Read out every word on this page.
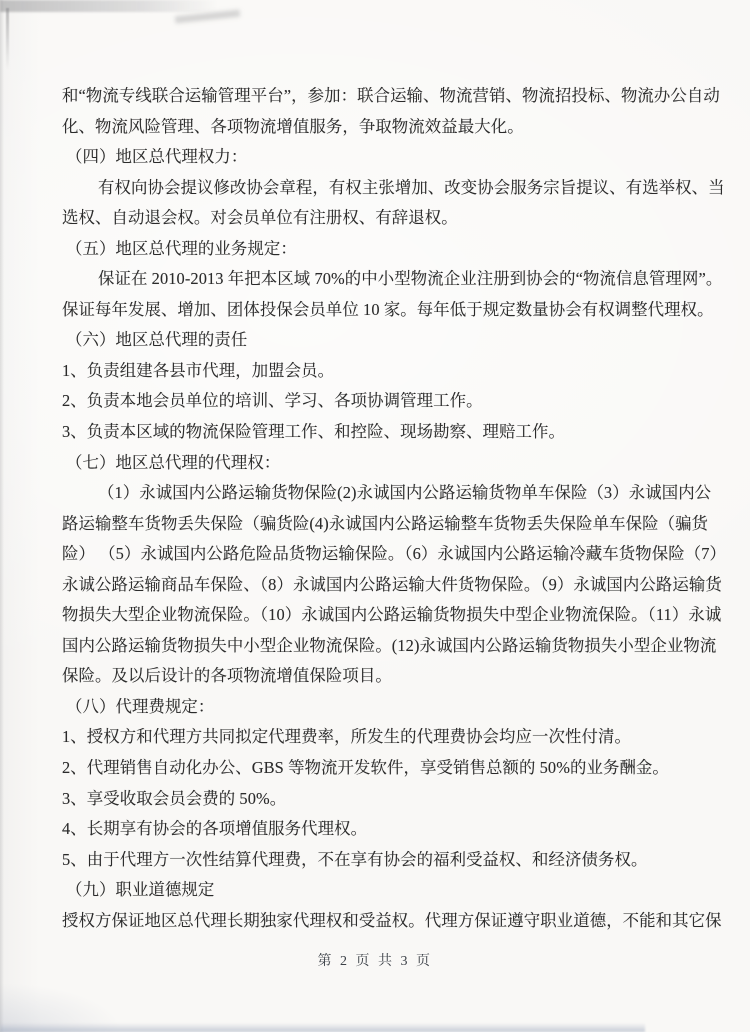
和“物流专线联合运输管理平台”，参加：联合运输、物流营销、物流招投标、物流办公自动
化、物流风险管理、各项物流增值服务，争取物流效益最大化。
（四）地区总代理权力：
有权向协会提议修改协会章程，有权主张增加、改变协会服务宗旨提议、有选举权、当
选权、自动退会权。对会员单位有注册权、有辞退权。
（五）地区总代理的业务规定：
保证在 2010-2013 年把本区域 70%的中小型物流企业注册到协会的“物流信息管理网”。
保证每年发展、增加、团体投保会员单位 10 家。每年低于规定数量协会有权调整代理权。
（六）地区总代理的责任
1、负责组建各县市代理，加盟会员。
2、负责本地会员单位的培训、学习、各项协调管理工作。
3、负责本区域的物流保险管理工作、和控险、现场勘察、理赔工作。
（七）地区总代理的代理权：
（1）永诚国内公路运输货物保险(2)永诚国内公路运输货物单车保险（3）永诚国内公
路运输整车货物丢失保险（骗货险(4)永诚国内公路运输整车货物丢失保险单车保险（骗货
险） （5）永诚国内公路危险品货物运输保险。（6）永诚国内公路运输冷藏车货物保险（7）
永诚公路运输商品车保险、（8）永诚国内公路运输大件货物保险。（9）永诚国内公路运输货
物损失大型企业物流保险。（10）永诚国内公路运输货物损失中型企业物流保险。（11）永诚
国内公路运输货物损失中小型企业物流保险。(12)永诚国内公路运输货物损失小型企业物流
保险。及以后设计的各项物流增值保险项目。
（八）代理费规定：
1、授权方和代理方共同拟定代理费率，所发生的代理费协会均应一次性付清。
2、代理销售自动化办公、GBS 等物流开发软件，享受销售总额的 50%的业务酬金。
3、享受收取会员会费的 50%。
4、长期享有协会的各项增值服务代理权。
5、由于代理方一次性结算代理费，不在享有协会的福利受益权、和经济债务权。
（九）职业道德规定
授权方保证地区总代理长期独家代理权和受益权。代理方保证遵守职业道德，不能和其它保
第 2 页 共 3 页
